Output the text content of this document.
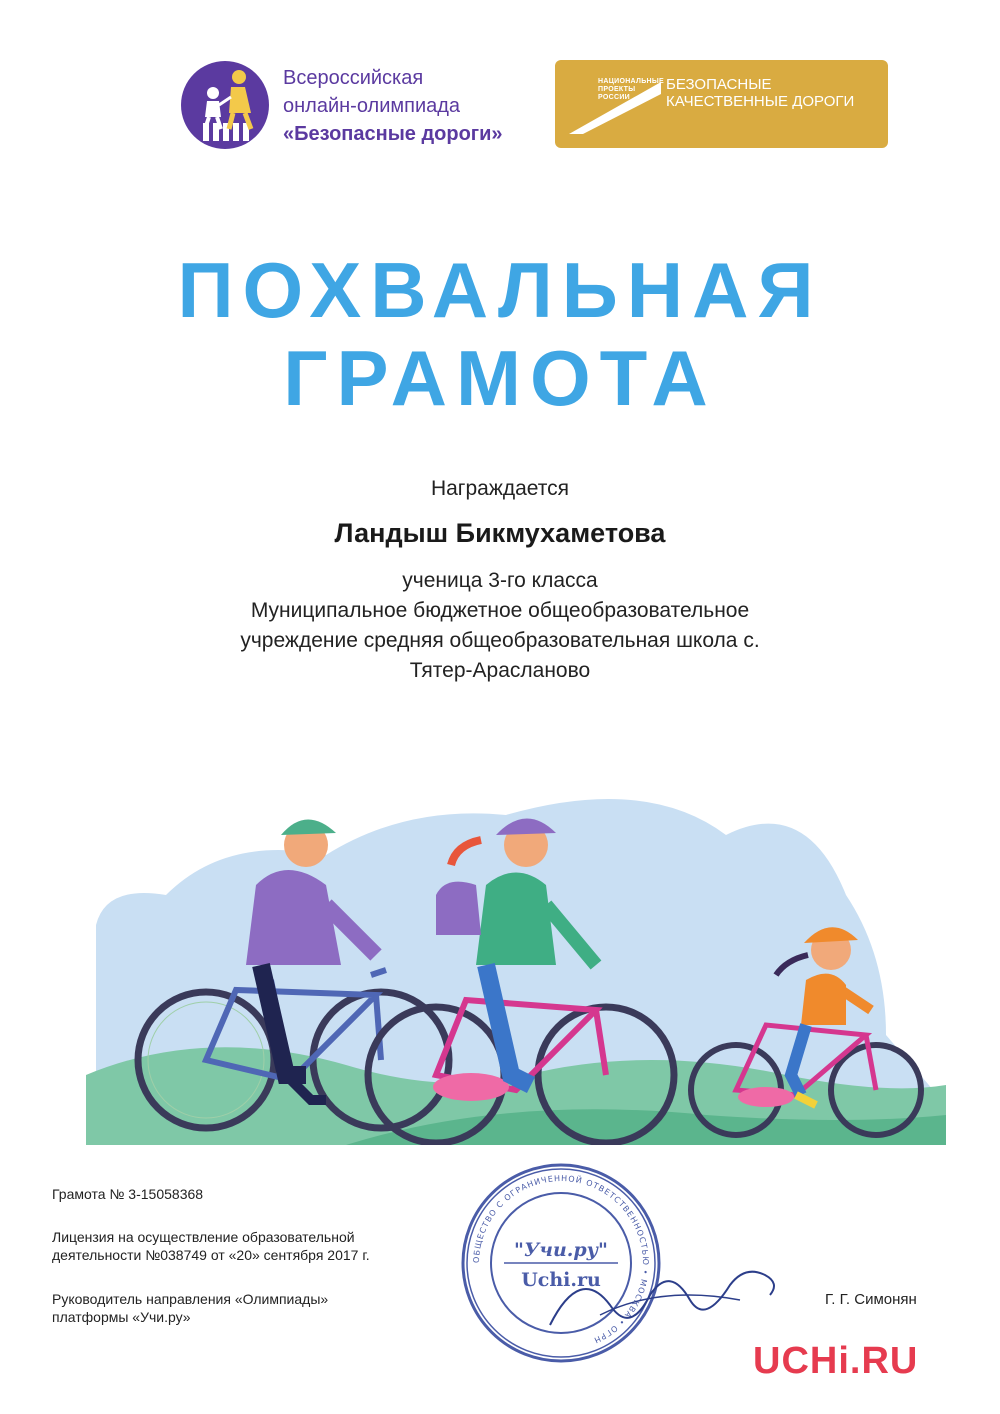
Всероссийская
онлайн-олимпиада
«Безопасные дороги»
НАЦИОНАЛЬНЫЕ
ПРОЕКТЫ
РОССИИ
БЕЗОПАСНЫЕ
КАЧЕСТВЕННЫЕ ДОРОГИ
ПОХВАЛЬНАЯ
ГРАМОТА
Награждается
Ландыш Бикмухаметова
ученица 3-го класса
Муниципальное бюджетное общеобразовательное
учреждение средняя общеобразовательная школа с.
Тятер-Арасланово
Грамота № 3-15058368
Лицензия на осуществление образовательной
деятельности №038749 от «20» сентября 2017 г.
Руководитель направления «Олимпиады»
платформы «Учи.ру»
ОБЩЕСТВО С ОГРАНИЧЕННОЙ ОТВЕТСТВЕННОСТЬЮ • МОСКВА • ОГРН
"Учи.ру"
Uchi.ru
Г. Г. Симонян
UCHi.RU
